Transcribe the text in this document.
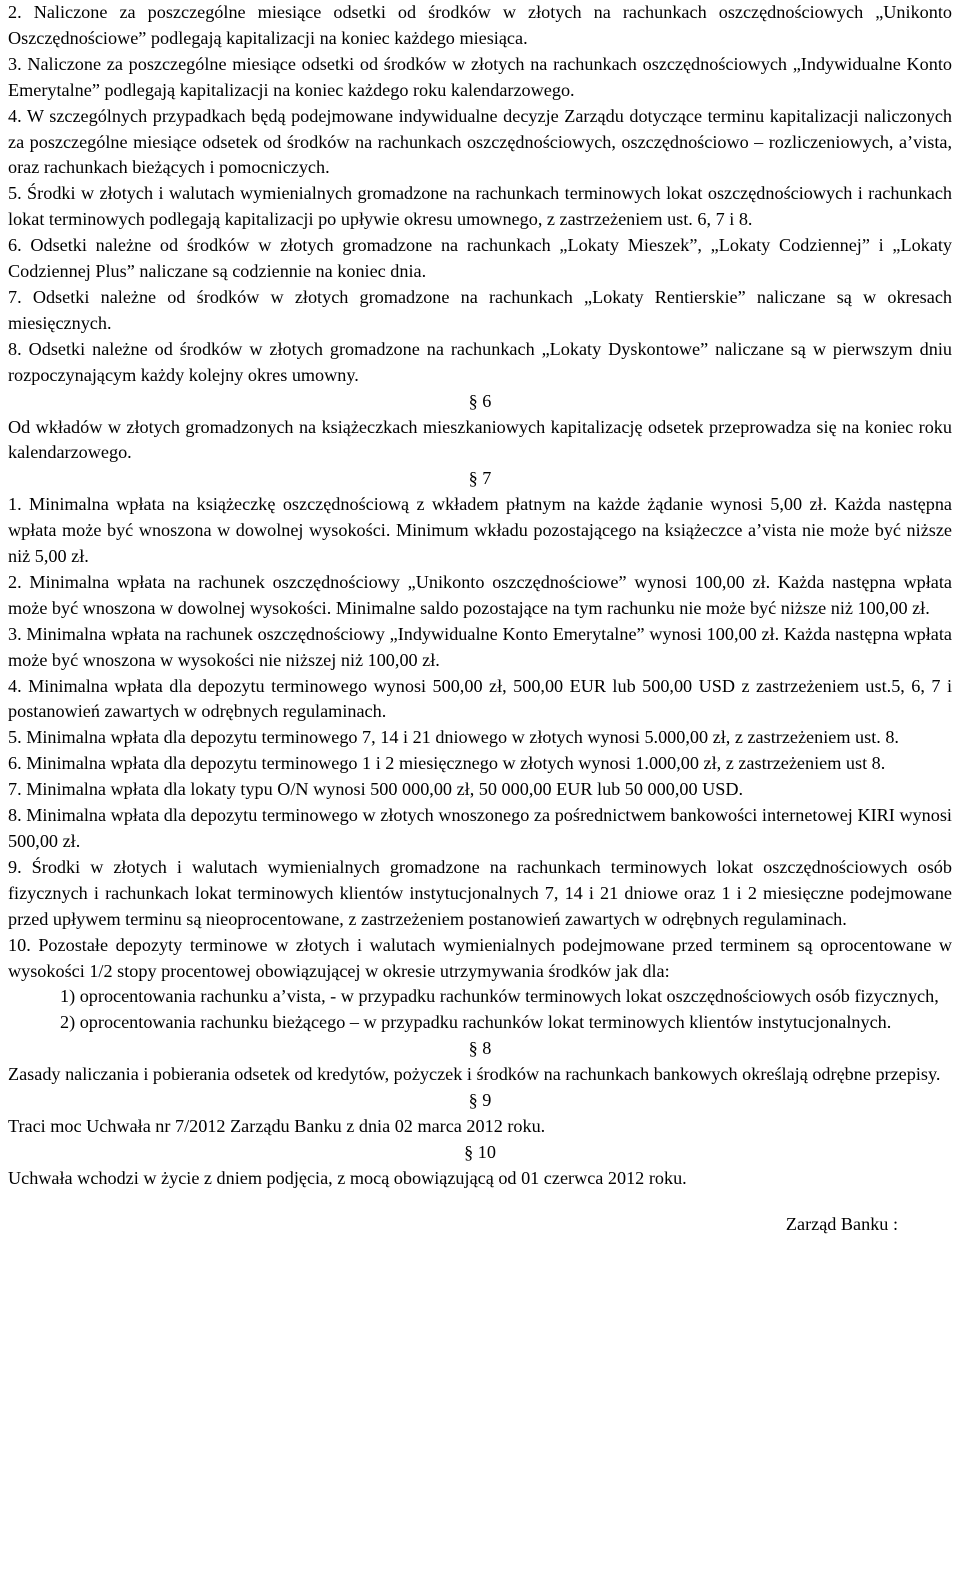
2. Naliczone za poszczególne miesiące odsetki od środków w złotych na rachunkach oszczędnościowych „Unikonto Oszczędnościowe” podlegają kapitalizacji na koniec każdego miesiąca.

3. Naliczone za poszczególne miesiące odsetki od środków w złotych na rachunkach oszczędnościowych „Indywidualne Konto Emerytalne” podlegają kapitalizacji na koniec każdego roku kalendarzowego.

4. W szczególnych przypadkach będą podejmowane indywidualne decyzje Zarządu dotyczące terminu kapitalizacji naliczonych za poszczególne miesiące odsetek od środków na rachunkach oszczędnościowych, oszczędnościowo – rozliczeniowych, a’vista, oraz rachunkach bieżących i pomocniczych.

5. Środki w złotych i walutach wymienialnych gromadzone na rachunkach terminowych lokat oszczędnościowych i rachunkach lokat terminowych podlegają kapitalizacji po upływie okresu umownego, z zastrzeżeniem ust. 6, 7 i 8.

6. Odsetki należne od środków w złotych gromadzone na rachunkach „Lokaty Mieszek”, „Lokaty Codziennej” i „Lokaty Codziennej Plus” naliczane są codziennie na koniec dnia.

7. Odsetki należne od środków w złotych gromadzone na rachunkach „Lokaty Rentierskie” naliczane są w okresach miesięcznych.

8. Odsetki należne od środków w złotych gromadzone na rachunkach „Lokaty Dyskontowe” naliczane są w pierwszym dniu rozpoczynającym każdy kolejny okres umowny.

§ 6

Od wkładów w złotych gromadzonych na książeczkach mieszkaniowych kapitalizację odsetek przeprowadza się na koniec roku kalendarzowego.

§ 7

1. Minimalna wpłata na książeczkę oszczędnościową z wkładem płatnym na każde żądanie wynosi 5,00 zł. Każda następna wpłata może być wnoszona w dowolnej wysokości. Minimum wkładu pozostającego na książeczce a’vista nie może być niższe niż 5,00 zł.

2. Minimalna wpłata na rachunek oszczędnościowy „Unikonto oszczędnościowe” wynosi 100,00 zł. Każda następna wpłata może być wnoszona w dowolnej wysokości. Minimalne saldo pozostające na tym rachunku nie może być niższe niż 100,00 zł.

3. Minimalna wpłata na rachunek oszczędnościowy „Indywidualne Konto Emerytalne” wynosi 100,00 zł. Każda następna wpłata może być wnoszona w wysokości nie niższej niż 100,00 zł.

4. Minimalna wpłata dla depozytu terminowego wynosi 500,00 zł, 500,00 EUR lub 500,00 USD z zastrzeżeniem ust.5, 6, 7 i postanowień zawartych w odrębnych regulaminach.

5. Minimalna wpłata dla depozytu terminowego 7, 14 i 21 dniowego w złotych wynosi 5.000,00 zł, z zastrzeżeniem ust. 8.

6. Minimalna wpłata dla depozytu terminowego 1 i 2 miesięcznego w złotych wynosi 1.000,00 zł, z zastrzeżeniem ust 8.

7. Minimalna wpłata dla lokaty typu O/N wynosi 500 000,00 zł, 50 000,00 EUR lub 50 000,00 USD.

8. Minimalna wpłata dla depozytu terminowego w złotych wnoszonego za pośrednictwem bankowości internetowej KIRI wynosi 500,00 zł.

9. Środki w złotych i walutach wymienialnych gromadzone na rachunkach terminowych lokat oszczędnościowych osób fizycznych i rachunkach lokat terminowych klientów instytucjonalnych 7, 14 i 21 dniowe oraz 1 i 2 miesięczne podejmowane przed upływem terminu są nieoprocentowane, z zastrzeżeniem postanowień zawartych w odrębnych regulaminach.

10. Pozostałe depozyty terminowe w złotych i walutach wymienialnych podejmowane przed terminem są oprocentowane w wysokości 1/2 stopy procentowej obowiązującej w okresie utrzymywania środków jak dla:

1) oprocentowania rachunku a’vista, - w przypadku rachunków terminowych lokat oszczędnościowych osób fizycznych,

2) oprocentowania rachunku bieżącego – w przypadku rachunków lokat terminowych klientów instytucjonalnych.

§ 8

Zasady naliczania i pobierania odsetek od kredytów, pożyczek i środków na rachunkach bankowych określają odrębne przepisy.

§ 9

Traci moc Uchwała nr 7/2012 Zarządu Banku z dnia 02 marca 2012 roku.

§ 10

Uchwała wchodzi w życie z dniem podjęcia, z mocą obowiązującą od 01 czerwca 2012 roku.

Zarząd Banku :
